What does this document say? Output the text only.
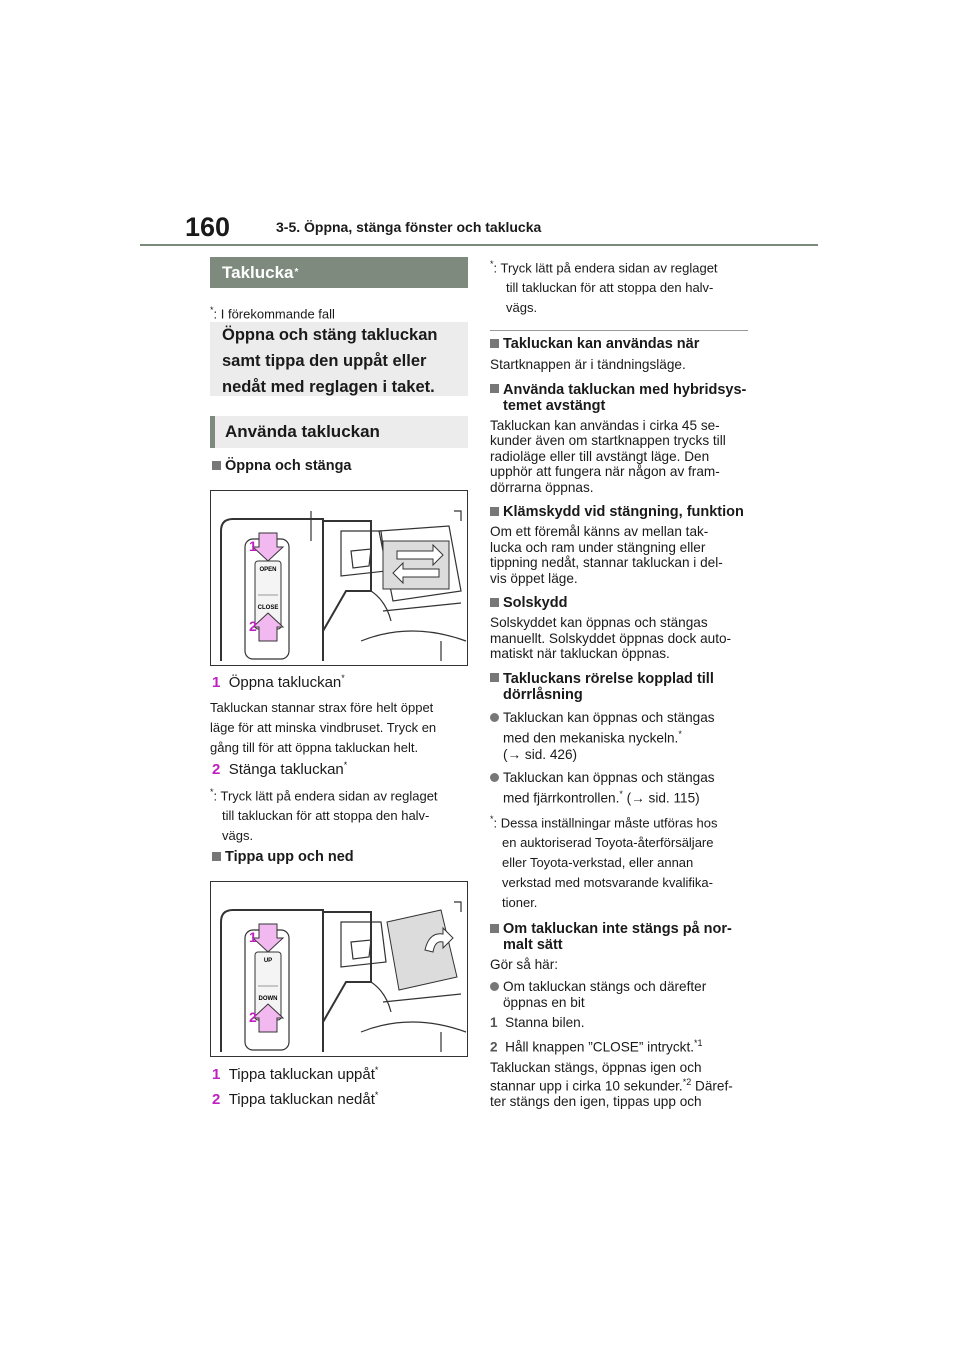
160	3-5. Öppna, stänga fönster och taklucka
Taklucka *
*: I förekommande fall
Öppna och stäng takluckan
samt tippa den uppåt eller
nedåt med reglagen i taket.
Använda takluckan
Öppna och stänga
OPEN
CLOSE
1
2
1 Öppna takluckan*
Takluckan stannar strax före helt öppet
läge för att minska vindbruset. Tryck en
gång till för att öppna takluckan helt.
2 Stänga takluckan*
*: Tryck lätt på endera sidan av reglaget
till takluckan för att stoppa den halv-
vägs.
Tippa upp och ned
UP
DOWN
1
2
1 Tippa takluckan uppåt*
2 Tippa takluckan nedåt*
*: Tryck lätt på endera sidan av reglaget
till takluckan för att stoppa den halv-
vägs.
Takluckan kan användas när
Startknappen är i tändningsläge.
Använda takluckan med hybridsys-
temet avstängt
Takluckan kan användas i cirka 45 se-
kunder även om startknappen trycks till
radioläge eller till avstängt läge. Den
upphör att fungera när någon av fram-
dörrarna öppnas.
Klämskydd vid stängning, funktion
Om ett föremål känns av mellan tak-
lucka och ram under stängning eller
tippning nedåt, stannar takluckan i del-
vis öppet läge.
Solskydd
Solskyddet kan öppnas och stängas
manuellt. Solskyddet öppnas dock auto-
matiskt när takluckan öppnas.
Takluckans rörelse kopplad till
dörrlåsning
Takluckan kan öppnas och stängas
med den mekaniska nyckeln.*
(→ sid. 426)
Takluckan kan öppnas och stängas
med fjärrkontrollen.* (→ sid. 115)
*: Dessa inställningar måste utföras hos
en auktoriserad Toyota-återförsäljare
eller Toyota-verkstad, eller annan
verkstad med motsvarande kvalifika-
tioner.
Om takluckan inte stängs på nor-
malt sätt
Gör så här:
Om takluckan stängs och därefter
öppnas en bit
1 Stanna bilen.
2 Håll knappen ”CLOSE” intryckt.$^{*1}$
Takluckan stängs, öppnas igen och
stannar upp i cirka 10 sekunder.$^{*2}$ Däref-
ter stängs den igen, tippas upp och
